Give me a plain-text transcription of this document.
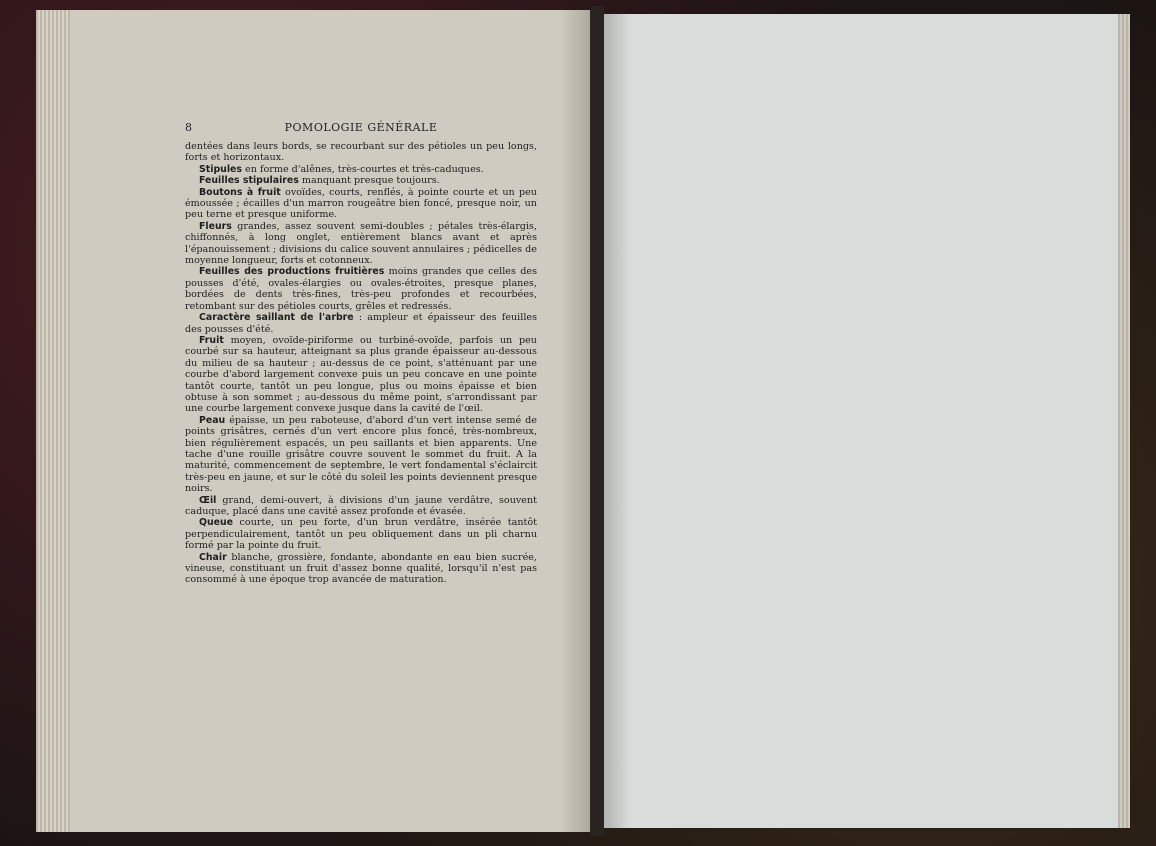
8	POMOLOGIE GÉNÉRALE

dentées dans leurs bords, se recourbant sur des pétioles un peu longs, forts et horizontaux.

Stipules en forme d'alênes, très-courtes et très-caduques.

Feuilles stipulaires manquant presque toujours.

Boutons à fruit ovoïdes, courts, renflés, à pointe courte et un peu émoussée ; écailles d'un marron rougeâtre bien foncé, presque noir, un peu terne et presque uniforme.

Fleurs grandes, assez souvent semi-doubles ; pétales très-élargis, chiffonnés, à long onglet, entièrement blancs avant et après l'épanouissement ; divisions du calice souvent annulaires ; pédicelles de moyenne longueur, forts et cotonneux.

Feuilles des productions fruitières moins grandes que celles des pousses d'été, ovales-élargies ou ovales-étroites, presque planes, bordées de dents très-fines, très-peu profondes et recourbées, retombant sur des pétioles courts, grêles et redressés.

Caractère saillant de l'arbre : ampleur et épaisseur des feuilles des pousses d'été.

Fruit moyen, ovoïde-piriforme ou turbiné-ovoïde, parfois un peu courbé sur sa hauteur, atteignant sa plus grande épaisseur au-dessous du milieu de sa hauteur ; au-dessus de ce point, s'atténuant par une courbe d'abord largement convexe puis un peu concave en une pointe tantôt courte, tantôt un peu longue, plus ou moins épaisse et bien obtuse à son sommet ; au-dessous du même point, s'arrondissant par une courbe largement convexe jusque dans la cavité de l'œil.

Peau épaisse, un peu raboteuse, d'abord d'un vert intense semé de points grisâtres, cernés d'un vert encore plus foncé, très-nombreux, bien régulièrement espacés, un peu saillants et bien apparents. Une tache d'une rouille grisâtre couvre souvent le sommet du fruit. A la maturité, commencement de septembre, le vert fondamental s'éclaircit très-peu en jaune, et sur le côté du soleil les points deviennent presque noirs.

Œil grand, demi-ouvert, à divisions d'un jaune verdâtre, souvent caduque, placé dans une cavité assez profonde et évasée.

Queue courte, un peu forte, d'un brun verdâtre, insérée tantôt perpendiculairement, tantôt un peu obliquement dans un pli charnu formé par la pointe du fruit.

Chair blanche, grossière, fondante, abondante en eau bien sucrée, vineuse, constituant un fruit d'assez bonne qualité, lorsqu'il n'est pas consommé à une époque trop avancée de maturation.
